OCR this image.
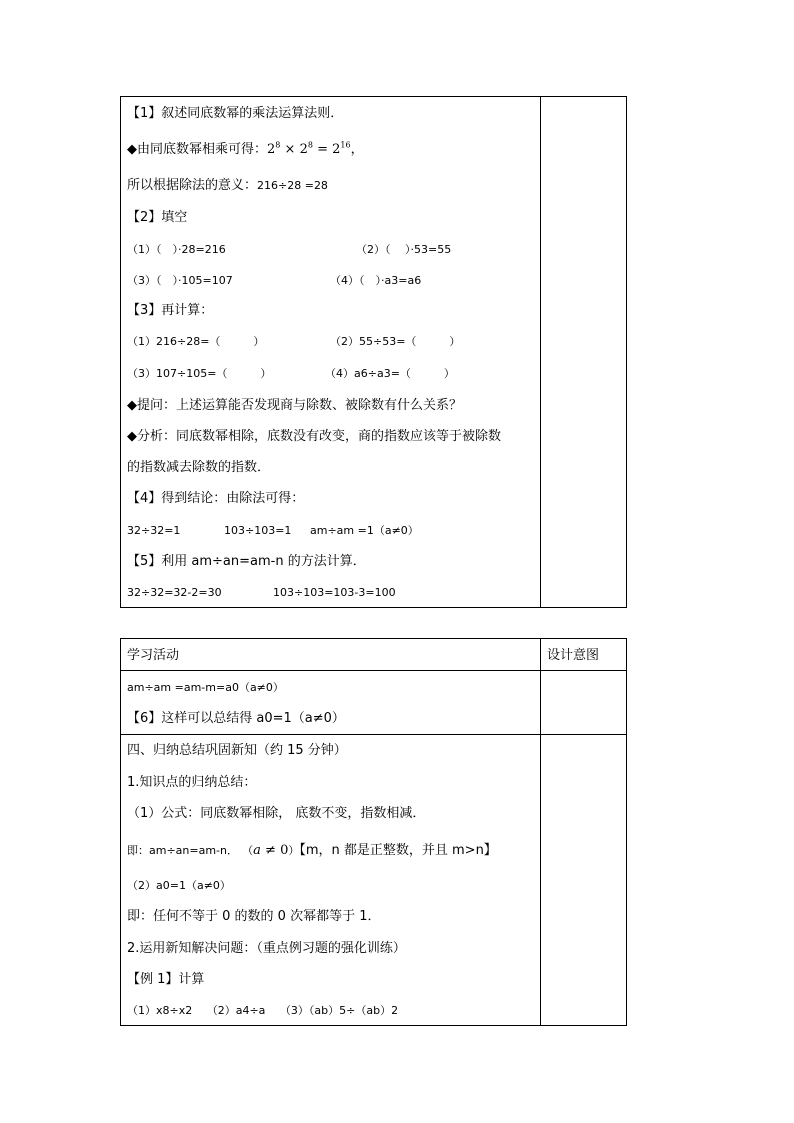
【1】叙述同底数幂的乘法运算法则．
◆由同底数幂相乘可得：$2^8 \times 2^8 = 2^{16}$，
所以根据除法的意义：216÷28 =28
【2】填空
（1）（　）·28=216	（2）（　 ）·53=55
（3）（　）·105=107	（4）（　）·a3=a6
【3】再计算：
（1）216÷28=（　　　）	（2）55÷53=（　　　）
（3）107÷105=（　　　）	（4）a6÷a3=（　　　）
◆提问：上述运算能否发现商与除数、被除数有什么关系？
◆分析：同底数幂相除，底数没有改变，商的指数应该等于被除数
的指数减去除数的指数．
【4】得到结论：由除法可得：
32÷32=1	103÷103=1 am÷am =1（a≠0）
【5】利用 am÷an=am-n 的方法计算．
32÷32=32-2=30	103÷103=103-3=100
学习活动	设计意图
am÷am =am-m=a0（a≠0）
【6】这样可以总结得 a0=1（a≠0）
四、归纳总结巩固新知（约 15 分钟）
1.知识点的归纳总结：
（1）公式：同底数幂相除， 底数不变，指数相减．
即：am÷an=am-n． （a ≠ 0）【m，n 都是正整数，并且 m>n】
（2）a0=1（a≠0）
即：任何不等于 0 的数的 0 次幂都等于 1．
2.运用新知解决问题：（重点例习题的强化训练）
【例 1】计算
（1）x8÷x2　 （2）a4÷a　 （3）（ab）5÷（ab）2
